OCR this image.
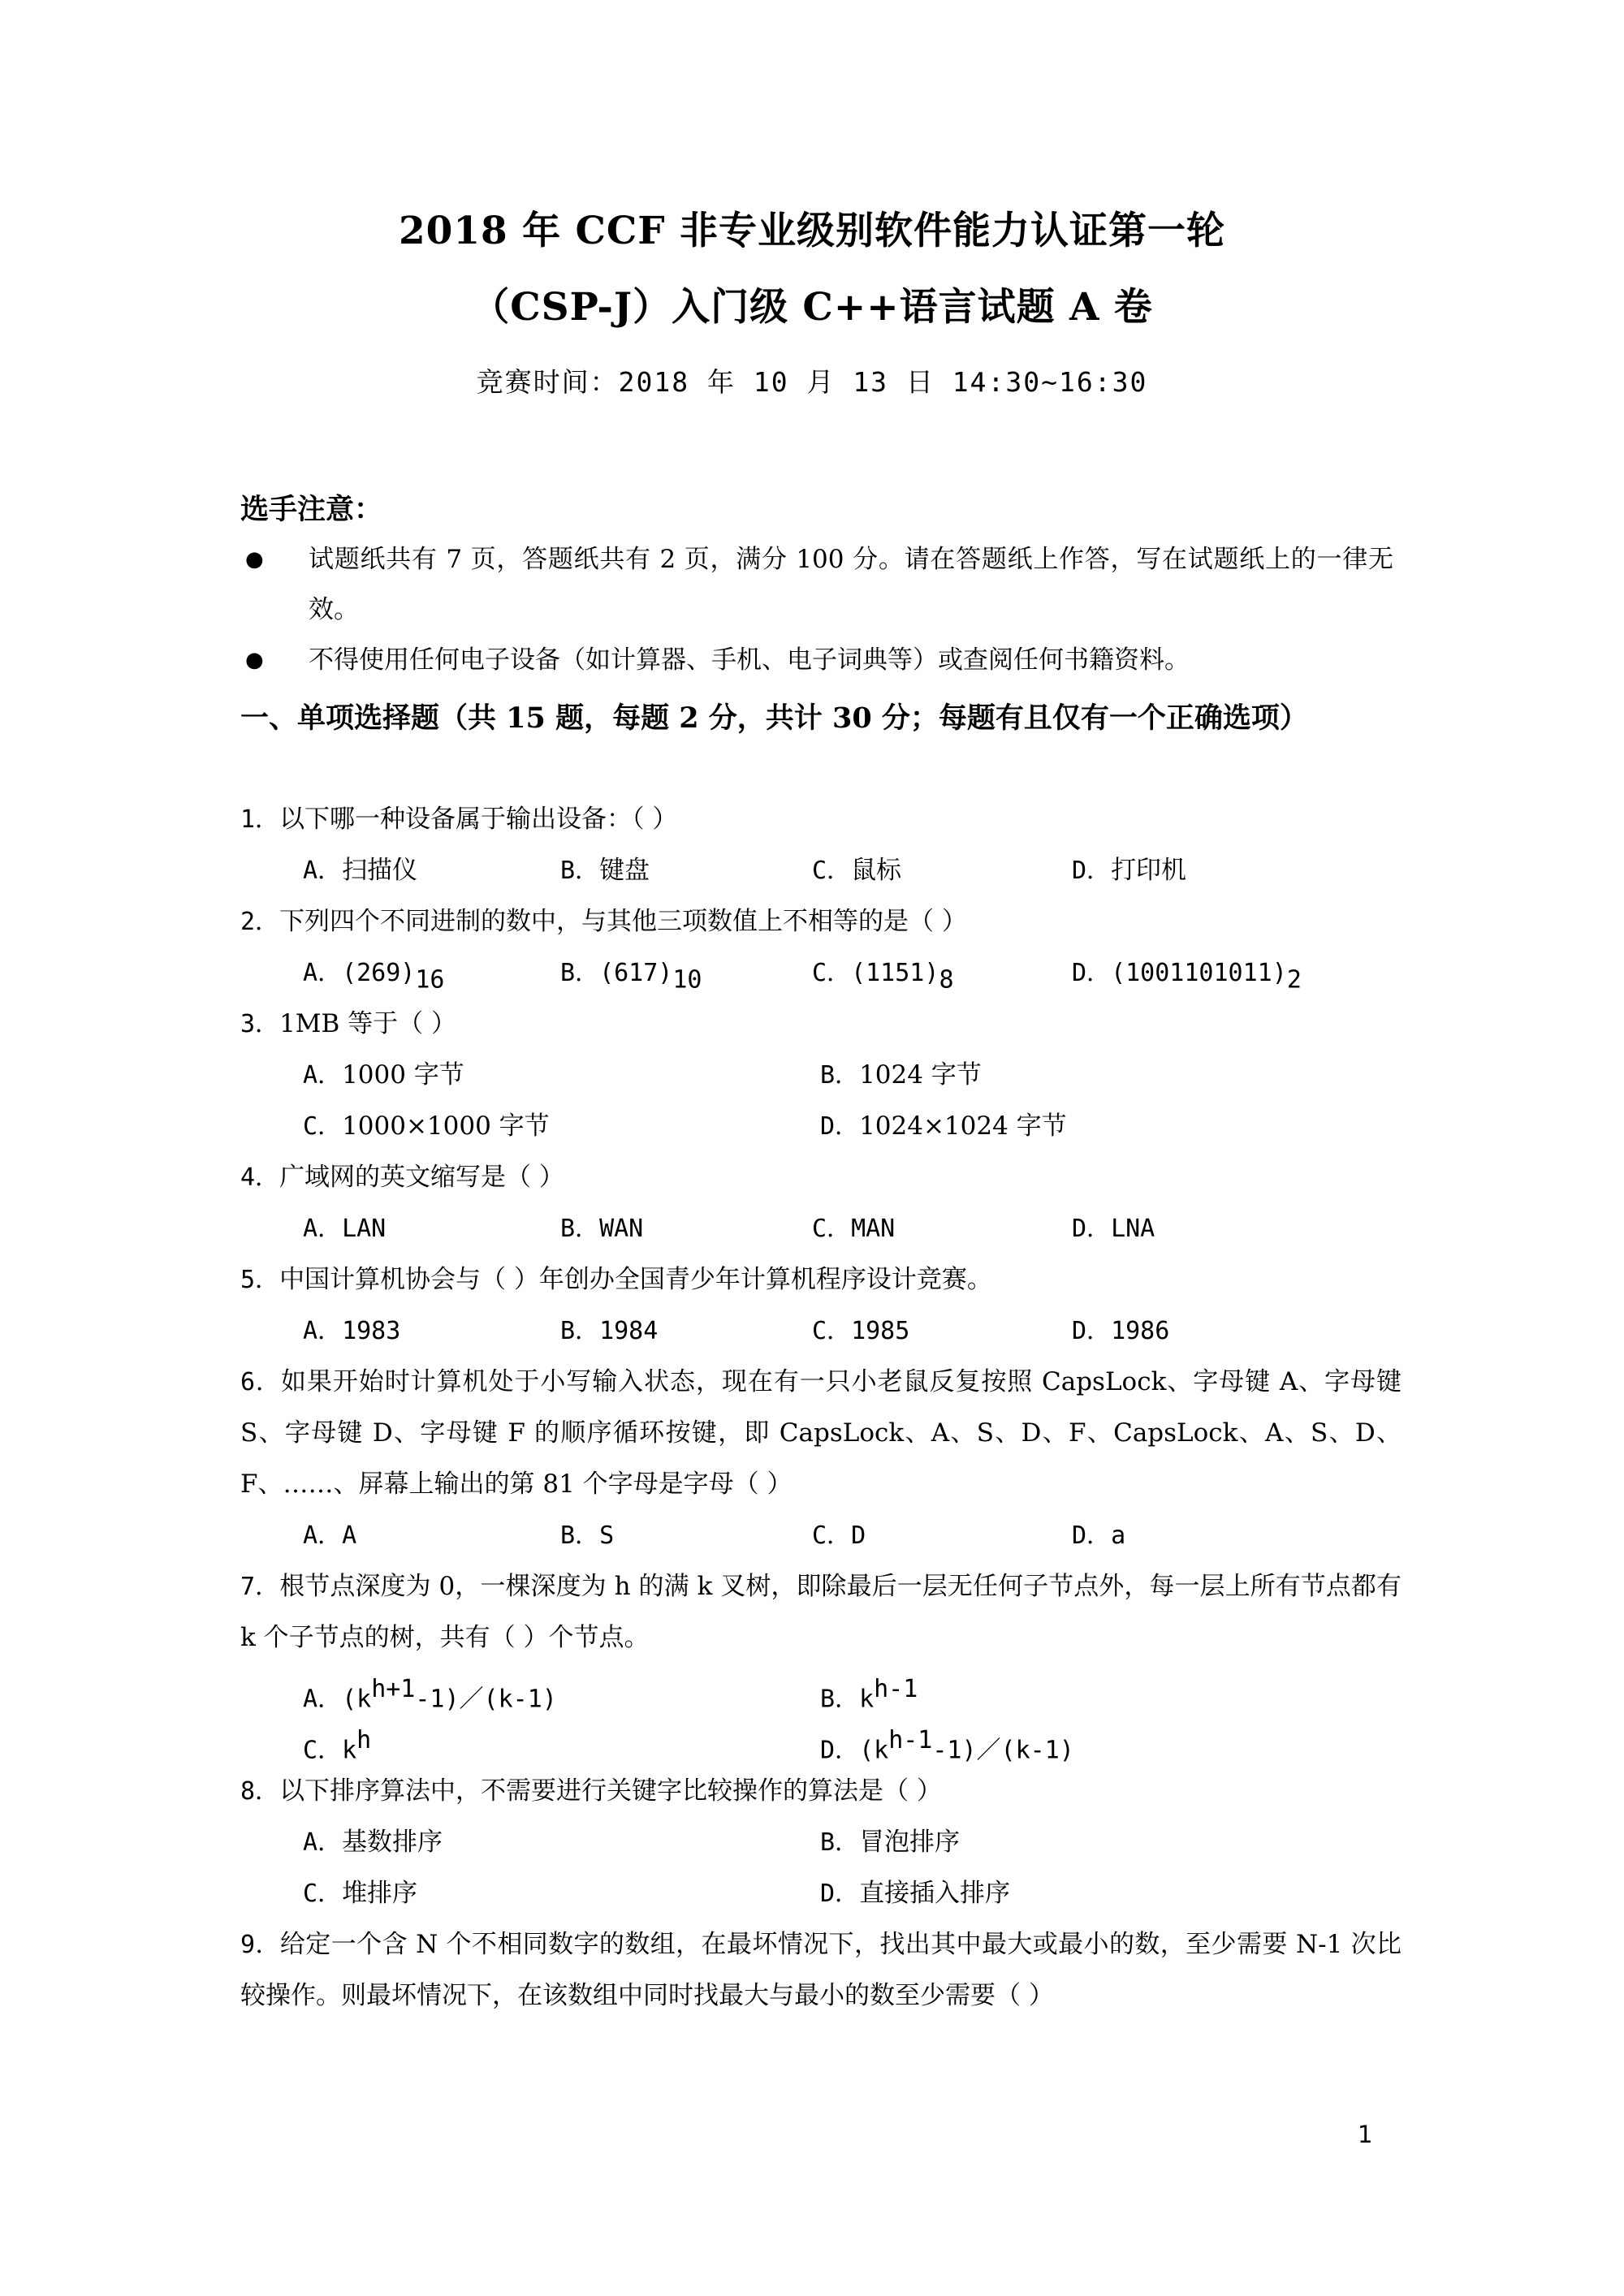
2018 年 CCF 非专业级别软件能力认证第一轮
（CSP-J）入门级 C++语言试题 A 卷
竞赛时间：2018 年 10 月 13 日 14:30~16:30
选手注意：
● 试题纸共有 7 页，答题纸共有 2 页，满分 100 分。请在答题纸上作答，写在试题纸上的一律无效。
● 不得使用任何电子设备（如计算器、手机、电子词典等）或查阅任何书籍资料。
一、单项选择题（共 15 题，每题 2 分，共计 30 分；每题有且仅有一个正确选项）
1．以下哪一种设备属于输出设备：（ ）
A．扫描仪	B．键盘	C．鼠标	D．打印机
2．下列四个不同进制的数中，与其他三项数值上不相等的是（ ）
A．$(269)_{16}$	B．$(617)_{10}$	C．$(1151)_8$	D．$(1001101011)_2$
3．1MB 等于（ ）
A．1000 字节	B．1024 字节
C．1000×1000 字节	D．1024×1024 字节
4．广域网的英文缩写是（ ）
A．LAN	B．WAN	C．MAN	D．LNA
5．中国计算机协会与（ ）年创办全国青少年计算机程序设计竞赛。
A．1983	B．1984	C．1985	D．1986
6．如果开始时计算机处于小写输入状态，现在有一只小老鼠反复按照 CapsLock、字母键 A、字母键 S、字母键 D、字母键 F 的顺序循环按键，即 CapsLock、A、S、D、F、CapsLock、A、S、D、F、……、屏幕上输出的第 81 个字母是字母（ ）
A．A	B．S	C．D	D．a
7．根节点深度为 0，一棵深度为 h 的满 k 叉树，即除最后一层无任何子节点外，每一层上所有节点都有 k 个子节点的树，共有（ ）个节点。
A．$(k^{h+1}-1)/(k-1)$	B．$k^{h-1}$
C．$k^h$	D．$(k^{h-1}-1)/(k-1)$
8．以下排序算法中，不需要进行关键字比较操作的算法是（ ）
A．基数排序	B．冒泡排序
C．堆排序	D．直接插入排序
9．给定一个含 N 个不相同数字的数组，在最坏情况下，找出其中最大或最小的数，至少需要 N-1 次比较操作。则最坏情况下，在该数组中同时找最大与最小的数至少需要（ ）
1
